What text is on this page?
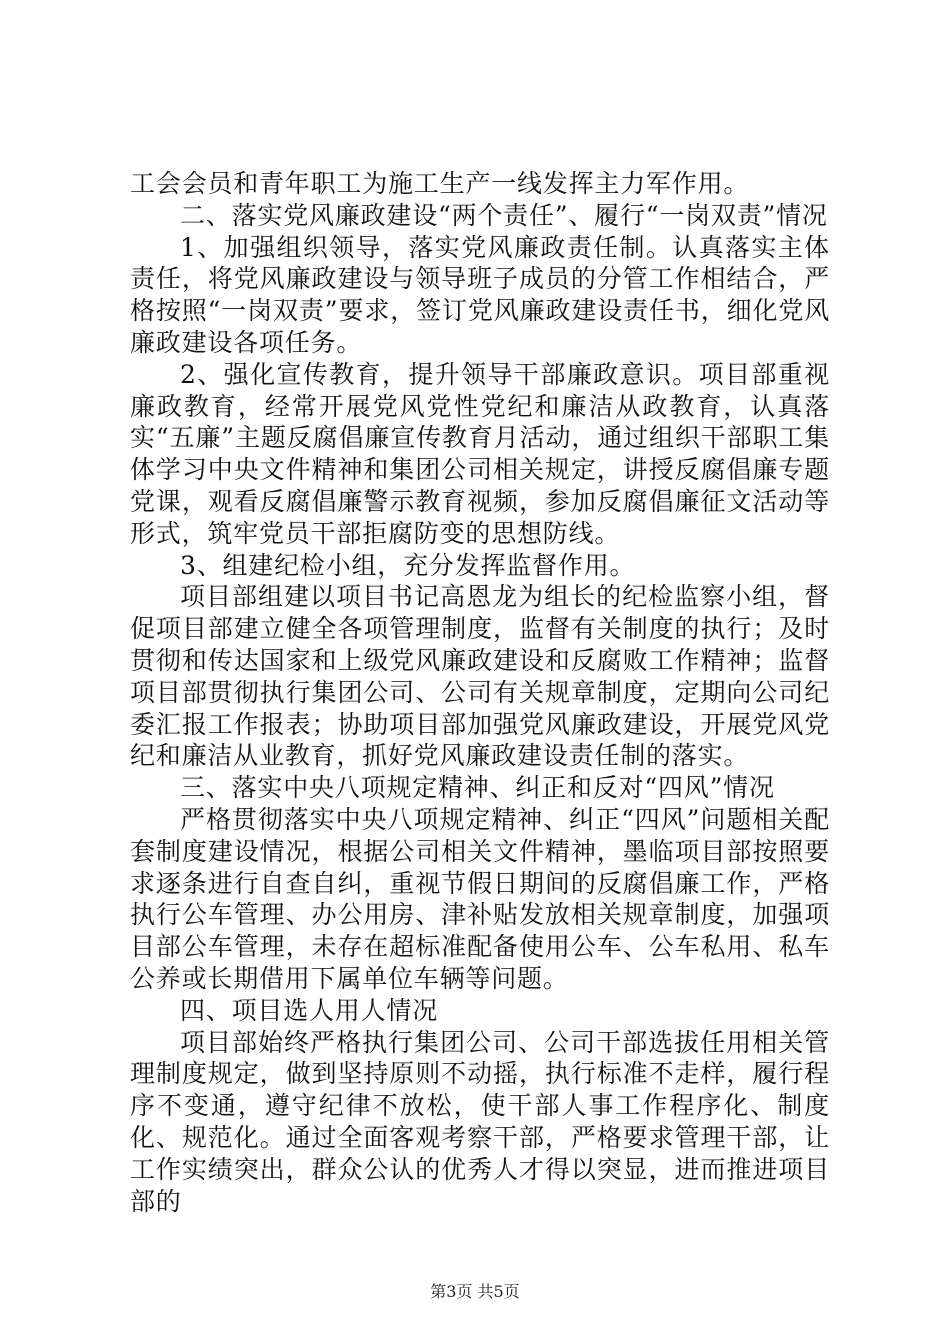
工会会员和青年职工为施工生产一线发挥主力军作用。

二、落实党风廉政建设“两个责任”、履行“一岗双责”情况

1、加强组织领导，落实党风廉政责任制。认真落实主体责任，将党风廉政建设与领导班子成员的分管工作相结合，严格按照“一岗双责”要求，签订党风廉政建设责任书，细化党风廉政建设各项任务。

2、强化宣传教育，提升领导干部廉政意识。项目部重视廉政教育，经常开展党风党性党纪和廉洁从政教育，认真落实“五廉”主题反腐倡廉宣传教育月活动，通过组织干部职工集体学习中央文件精神和集团公司相关规定，讲授反腐倡廉专题党课，观看反腐倡廉警示教育视频，参加反腐倡廉征文活动等形式，筑牢党员干部拒腐防变的思想防线。

3、组建纪检小组，充分发挥监督作用。

项目部组建以项目书记高恩龙为组长的纪检监察小组，督促项目部建立健全各项管理制度，监督有关制度的执行；及时贯彻和传达国家和上级党风廉政建设和反腐败工作精神；监督项目部贯彻执行集团公司、公司有关规章制度，定期向公司纪委汇报工作报表；协助项目部加强党风廉政建设，开展党风党纪和廉洁从业教育，抓好党风廉政建设责任制的落实。

三、落实中央八项规定精神、纠正和反对“四风”情况

严格贯彻落实中央八项规定精神、纠正“四风”问题相关配套制度建设情况，根据公司相关文件精神，墨临项目部按照要求逐条进行自查自纠，重视节假日期间的反腐倡廉工作，严格执行公车管理、办公用房、津补贴发放相关规章制度，加强项目部公车管理，未存在超标准配备使用公车、公车私用、私车公养或长期借用下属单位车辆等问题。

四、项目选人用人情况

项目部始终严格执行集团公司、公司干部选拔任用相关管理制度规定，做到坚持原则不动摇，执行标准不走样，履行程序不变通，遵守纪律不放松，使干部人事工作程序化、制度化、规范化。通过全面客观考察干部，严格要求管理干部，让工作实绩突出，群众公认的优秀人才得以突显，进而推进项目部的

第3页 共5页
